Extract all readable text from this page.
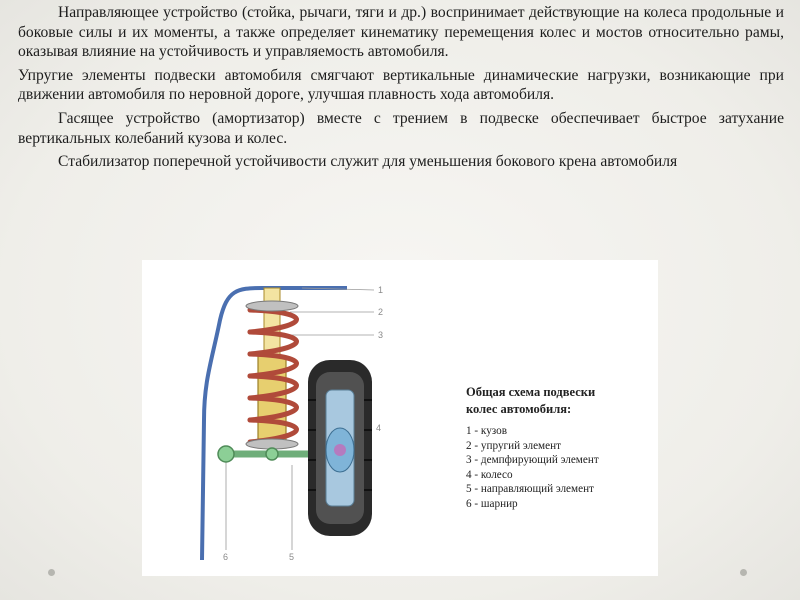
Направляющее устройство (стойка, рычаги, тяги и др.) воспринимает действующие на колеса продольные и боковые силы и их моменты, а также определяет кинематику перемещения колес и мостов относительно рамы, оказывая влияние на устойчивость и управляемость автомобиля.

Упругие элементы подвески автомобиля смягчают вертикальные динамические нагрузки, возникающие при движении автомобиля по неровной дороге, улучшая плавность хода автомобиля.

Гасящее устройство (амортизатор) вместе с трением в подвеске обеспечивает быстрое затухание вертикальных колебаний кузова и колес.

Стабилизатор поперечной устойчивости служит для уменьшения бокового крена автомобиля

1
2
3
4
5
6
Общая схема подвески
колес автомобиля:
1 - кузов
2 - упругий элемент
3 - демпфирующий элемент
4 - колесо
5 - направляющий элемент
6 - шарнир
